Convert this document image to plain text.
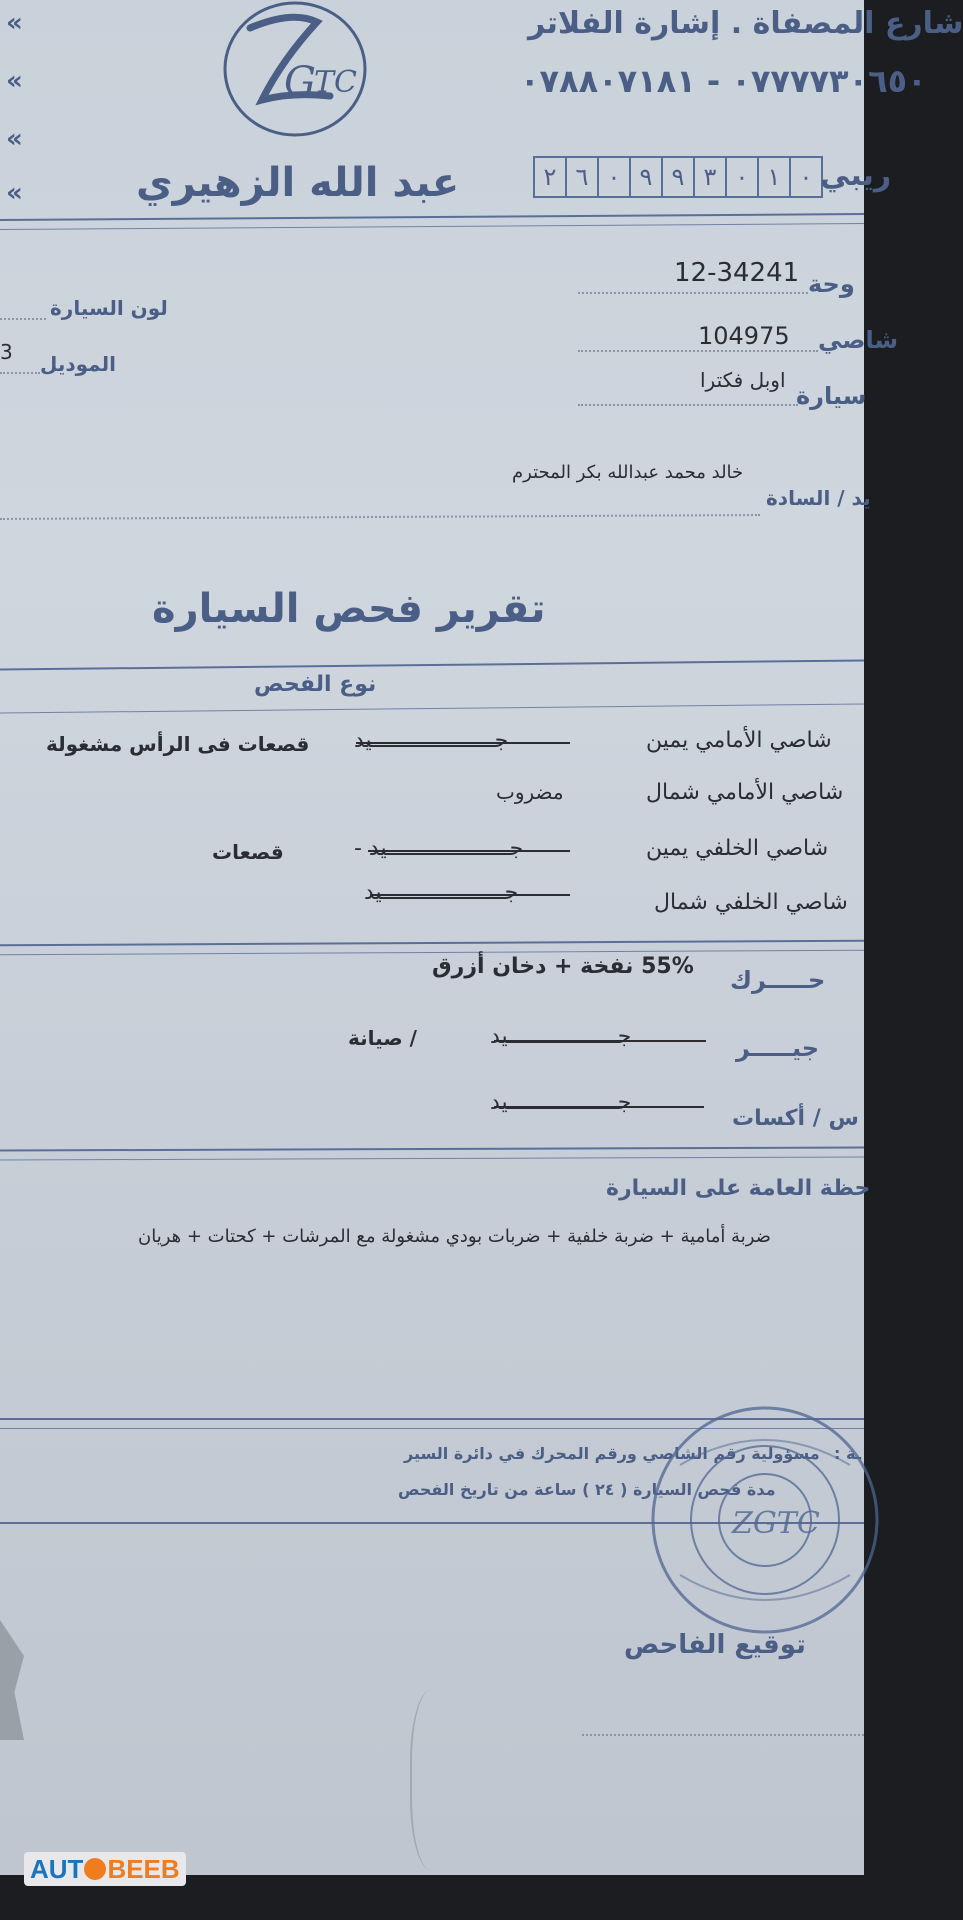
«
«
«
«
G
TC
شارع المصفاة . إشارة الفلاتر
٠٧٧٧٧٣٠٦٥٠ - ٠٧٨٨٠٧١٨١
عبد الله الزهيري	٢ ٦ ٠ ٩ ٩ ٣ ٠ ١ ٠ ريبي
وحة
12-34241
شاصي
104975
سيارة
اوبل فكترا
لون السيارة
الموديل
3
يد / السادة
خالد محمد عبدالله بكر المحترم
تقرير فحص السيارة
نوع الفحص
شاصي الأمامي يمين
جـــــــــــــــــــيد
قصعات فى الرأس مشغولة
شاصي الأمامي شمال
مضروب
شاصي الخلفي يمين
جـــــــــــــــــــيد -
قصعات
شاصي الخلفي شمال
جـــــــــــــــــــيد
حـــــرك
55% نفخة + دخان أزرق
جيـــــر
جـــــــــــــــــيد
/ صيانة
س / أكسات
جـــــــــــــــــيد
حظة العامة على السيارة
ضربة أمامية + ضربة خلفية + ضربات بودي مشغولة مع المرشات + كحتات + هريان
ـة :
مسؤولية رقم الشاصي ورقم المحرك في دائرة السير
مدة فحص السيارة ( ٢٤ ) ساعة من تاريخ الفحص
ZGTC
توقيع الفاحص
AUT BEEB
